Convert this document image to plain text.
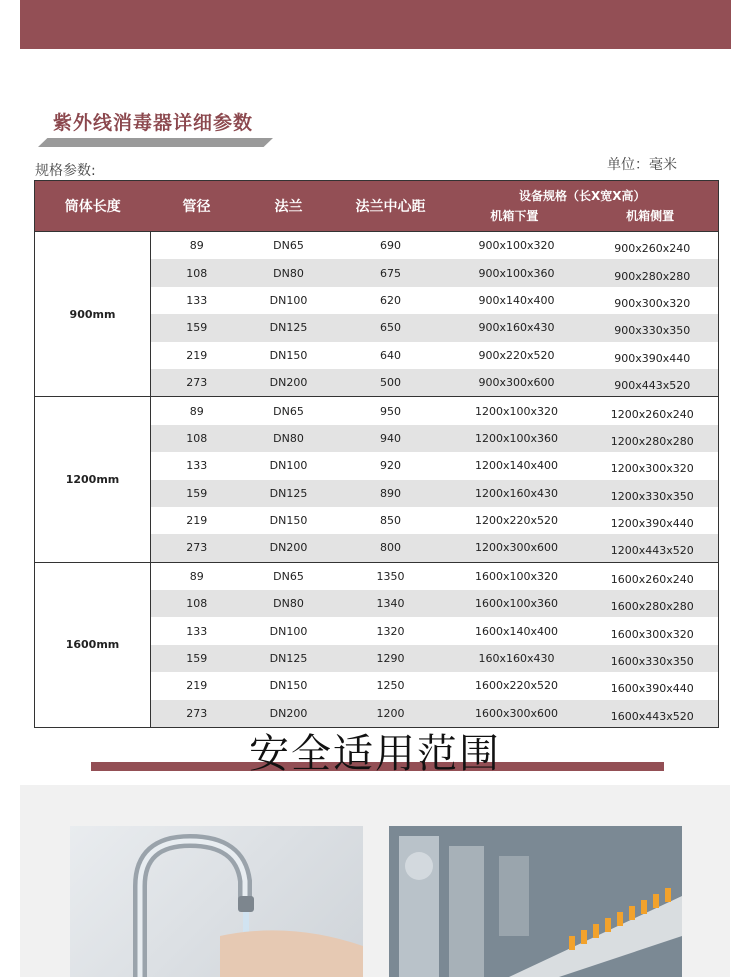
紫外线消毒器详细参数
规格参数:	单位：毫米
筒体长度	管径	法兰	法兰中心距	设备规格（长X宽X高）
机箱下置 机箱侧置	

900mm	89	DN65	690	900x100x320	900x260x240
	108	DN80	675	900x100x360	900x280x280
	133	DN100	620	900x140x400	900x300x320
	159	DN125	650	900x160x430	900x330x350
	219	DN150	640	900x220x520	900x390x440
	273	DN200	500	900x300x600	900x443x520
1200mm	89	DN65	950	1200x100x320	1200x260x240
	108	DN80	940	1200x100x360	1200x280x280
	133	DN100	920	1200x140x400	1200x300x320
	159	DN125	890	1200x160x430	1200x330x350
	219	DN150	850	1200x220x520	1200x390x440
	273	DN200	800	1200x300x600	1200x443x520
1600mm	89	DN65	1350	1600x100x320	1600x260x240
	108	DN80	1340	1600x100x360	1600x280x280
	133	DN100	1320	1600x140x400	1600x300x320
	159	DN125	1290	160x160x430	1600x330x350
	219	DN150	1250	1600x220x520	1600x390x440
	273	DN200	1200	1600x300x600	1600x443x520
安全适用范围
